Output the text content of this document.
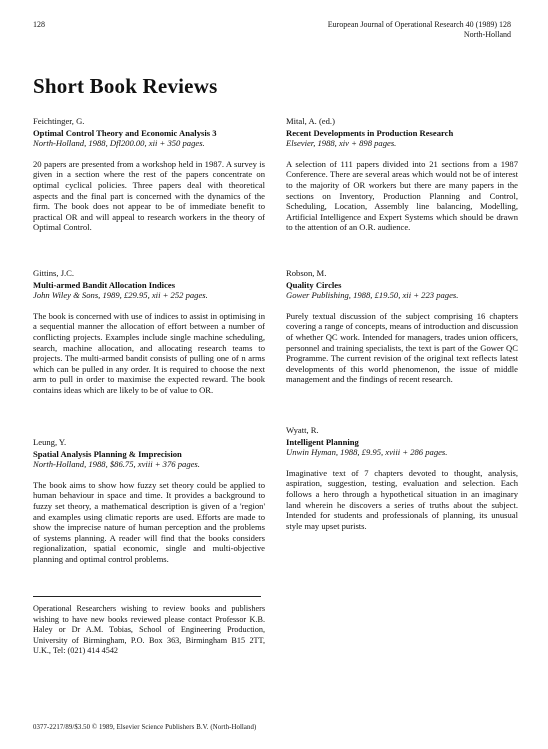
128	European Journal of Operational Research 40 (1989) 128
North-Holland
Short Book Reviews

Feichtinger, G.

Optimal Control Theory and Economic Analysis 3

North-Holland, 1988, Dfl200.00, xii + 350 pages.

20 papers are presented from a workshop held in 1987. A survey is given in a section where the rest of the papers concentrate on optimal cyclical policies. Three papers deal with theoretical aspects and the final part is concerned with the dynamics of the firm. The book does not appear to be of immediate benefit to practical OR and will appeal to research workers in the theory of Optimal Control.

Gittins, J.C.

Multi-armed Bandit Allocation Indices

John Wiley & Sons, 1989, £29.95, xii + 252 pages.

The book is concerned with use of indices to assist in optimising in a sequential manner the allocation of effort between a number of conflicting projects. Examples include single machine scheduling, search, machine allocation, and allocating research teams to projects. The multi-armed bandit consists of pulling one of n arms which can be pulled in any order. It is required to choose the next arm to pull in order to maximise the expected reward. The book contains ideas which are likely to be of value to OR.

Leung, Y.

Spatial Analysis Planning & Imprecision

North-Holland, 1988, $86.75, xviii + 376 pages.

The book aims to show how fuzzy set theory could be applied to human behaviour in space and time. It provides a background to fuzzy set theory, a mathematical description is given of a 'region' and examples using climatic reports are used. Efforts are made to show the imprecise nature of human perception and the problems of systems planning. A reader will find that the books considers regionalization, spatial economic, single and multi-objective planning and optimal control problems.

Mital, A. (ed.)

Recent Developments in Production Research

Elsevier, 1988, xiv + 898 pages.

A selection of 111 papers divided into 21 sections from a 1987 Conference. There are several areas which would not be of interest to the majority of OR workers but there are many papers in the sections on Inventory, Production Planning and Control, Scheduling, Location, Assembly line balancing, Modelling, Artificial Intelligence and Expert Systems which should be drawn to the attention of an O.R. audience.

Robson, M.

Quality Circles

Gower Publishing, 1988, £19.50, xii + 223 pages.

Purely textual discussion of the subject comprising 16 chapters covering a range of concepts, means of introduction and discussion of whether QC work. Intended for managers, trades union officers, personnel and training specialists, the text is part of the Gower QC Programme. The current revision of the original text reflects latest developments of this world phenomenon, the issue of middle management and the findings of recent research.

Wyatt, R.

Intelligent Planning

Unwin Hyman, 1988, £9.95, xviii + 286 pages.

Imaginative text of 7 chapters devoted to thought, analysis, aspiration, suggestion, testing, evaluation and selection. Each follows a hero through a hypothetical situation in an imaginary land wherein he discovers a series of truths about the subject. Intended for students and professionals of planning, its unusual style may upset purists.

Operational Researchers wishing to review books and publishers wishing to have new books reviewed please contact Professor K.B. Haley or Dr A.M. Tobias, School of Engineering Production, University of Birmingham, P.O. Box 363, Birmingham B15 2TT, U.K., Tel: (021) 414 4542
0377-2217/89/$3.50 © 1989, Elsevier Science Publishers B.V. (North-Holland)
